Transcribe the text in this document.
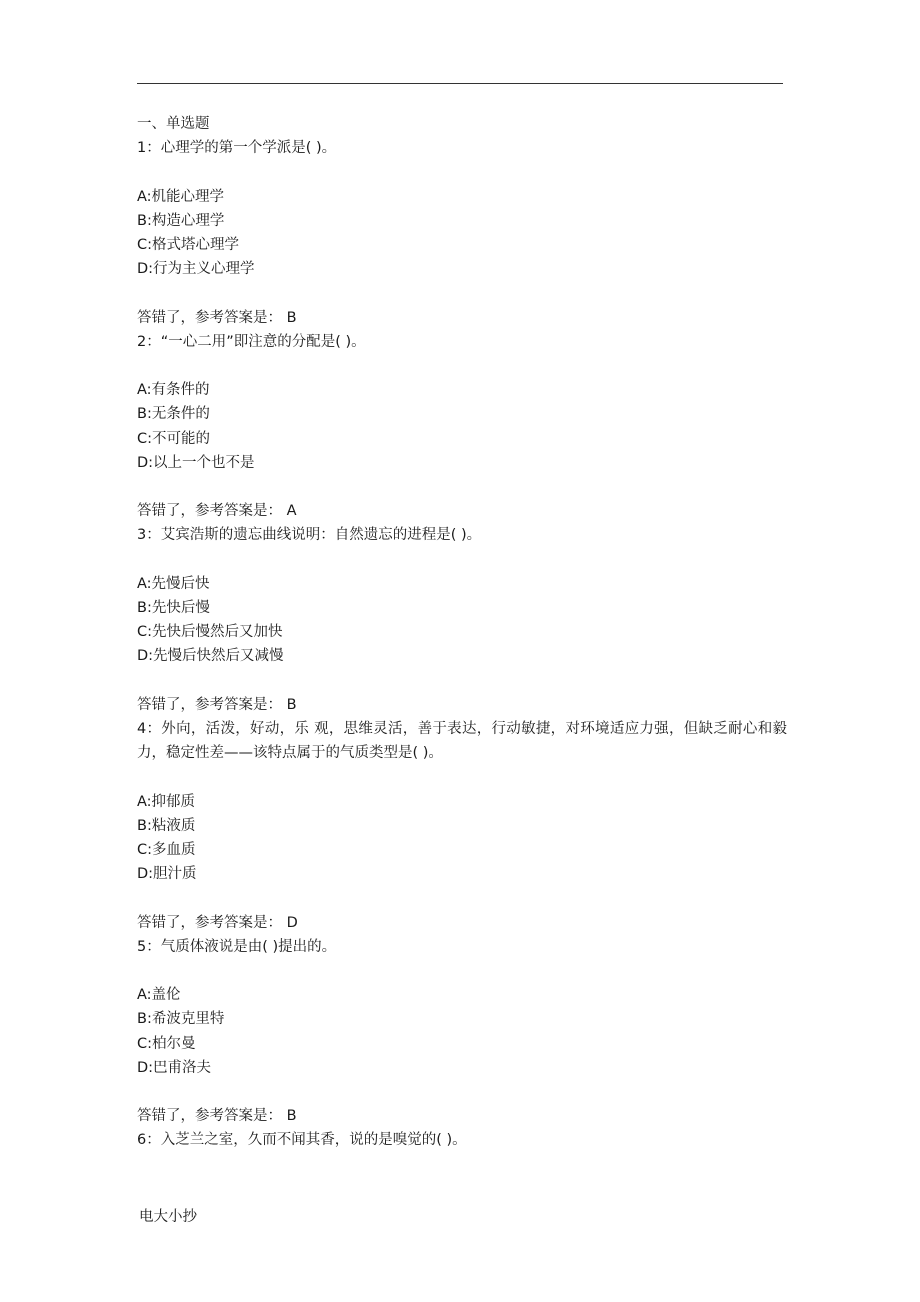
一、单选题
1：心理学的第一个学派是( )。
A:机能心理学
B:构造心理学
C:格式塔心理学
D:行为主义心理学
答错了，参考答案是： B
2：“一心二用”即注意的分配是( )。
A:有条件的
B:无条件的
C:不可能的
D:以上一个也不是
答错了，参考答案是： A
3：艾宾浩斯的遗忘曲线说明：自然遗忘的进程是( )。
A:先慢后快
B:先快后慢
C:先快后慢然后又加快
D:先慢后快然后又减慢
答错了，参考答案是： B
4：外向，活泼，好动，乐 观，思维灵活，善于表达，行动敏捷，对环境适应力强，但缺乏耐心和毅力，稳定性差——该特点属于的气质类型是( )。
A:抑郁质
B:粘液质
C:多血质
D:胆汁质
答错了，参考答案是： D
5：气质体液说是由( )提出的。
A:盖伦
B:希波克里特
C:柏尔曼
D:巴甫洛夫
答错了，参考答案是： B
6：入芝兰之室，久而不闻其香，说的是嗅觉的( )。
电大小抄
